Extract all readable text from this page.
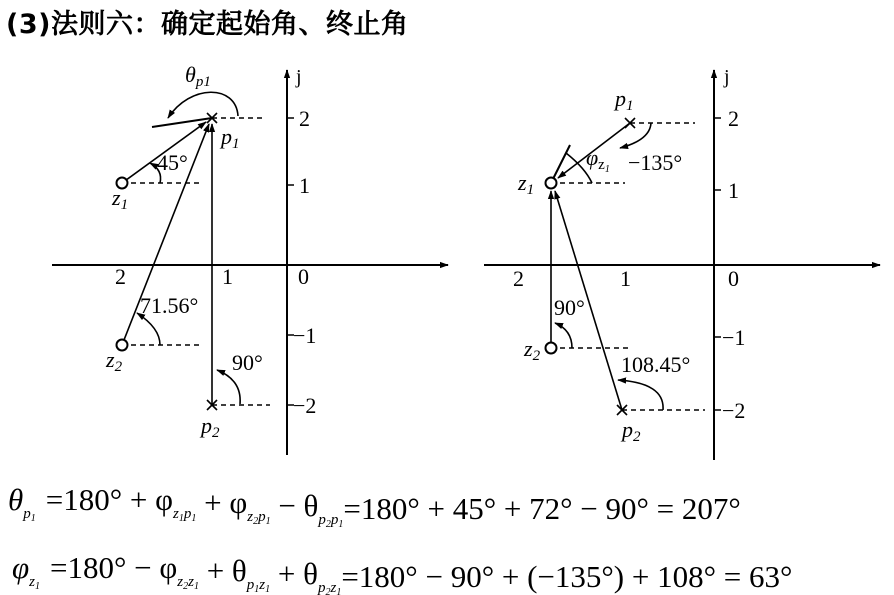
(3)法则六：确定起始角、终止角
j
2
1
−1
−2
2	1	0
θp1
p1
p2
z1
z2
45°
71.56°
90°
j
2
1
−1
−2
2	1	0
p1
p2
z1
z2
φz1 −135°
90°
108.45°
$\theta_p1=180^\circ + \varphi_z1p1 + \varphi_z2p1 - \theta_p2p1=180^\circ + 45^\circ + 72^\circ - 90^\circ = 207^\circ$
$\varphi_z1=180^\circ - \varphi_z2z1 + \theta_p1z1 + \theta_p2z1=180^\circ - 90^\circ + (-135^\circ) + 108^\circ = 63^\circ$
